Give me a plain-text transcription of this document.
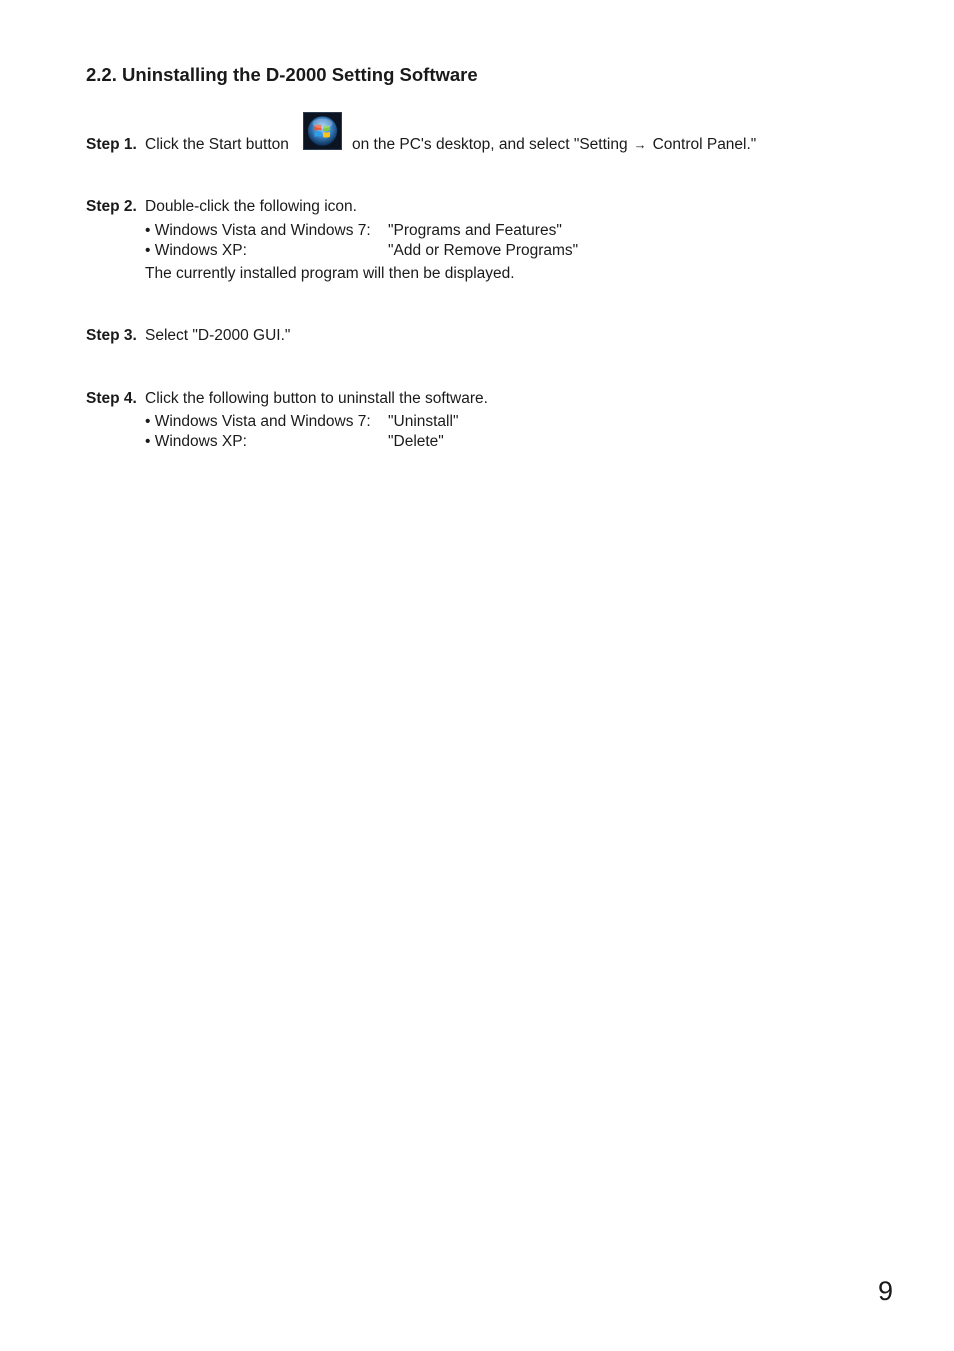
2.2. Uninstalling the D-2000 Setting Software
Step 1. Click the Start button	on the PC's desktop, and select "Setting → Control Panel."
Step 2. Double-click the following icon.
• Windows Vista and Windows 7: "Programs and Features"
• Windows XP:	"Add or Remove Programs"
The currently installed program will then be displayed.
Step 3. Select "D-2000 GUI."
Step 4. Click the following button to uninstall the software.
• Windows Vista and Windows 7: "Uninstall"
• Windows XP:	"Delete"

9
